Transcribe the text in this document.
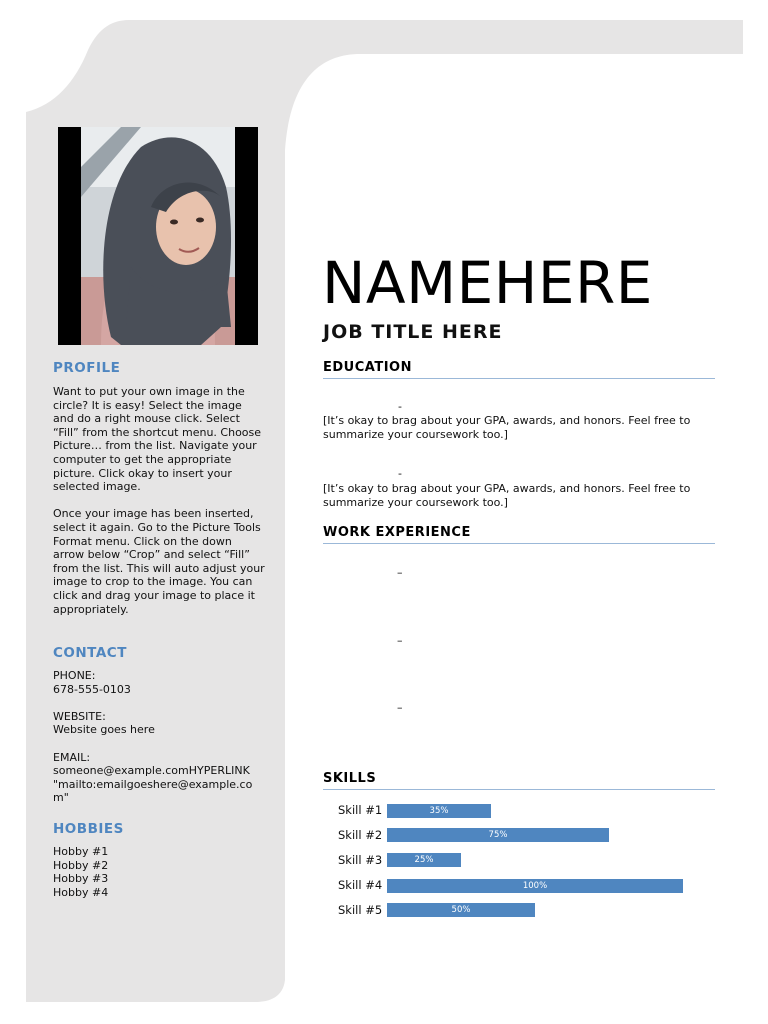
PROFILE

Want to put your own image in the circle? It is easy! Select the image and do a right mouse click. Select “Fill” from the shortcut menu. Choose Picture… from the list. Navigate your computer to get the appropriate picture. Click okay to insert your selected image.

Once your image has been inserted, select it again. Go to the Picture Tools Format menu. Click on the down arrow below “Crop” and select “Fill” from the list. This will auto adjust your image to crop to the image. You can click and drag your image to place it appropriately.

CONTACT

PHONE:

678-555-0103

WEBSITE:

Website goes here

EMAIL:

someone@example.comHYPERLINK "mailto:emailgoeshere@example.com"

HOBBIES

Hobby #1

Hobby #2

Hobby #3

Hobby #4

NAMEHERE
JOB TITLE HERE
EDUCATION
-

[It’s okay to brag about your GPA, awards, and honors. Feel free to summarize your coursework too.]

-

[It’s okay to brag about your GPA, awards, and honors. Feel free to summarize your coursework too.]

WORK EXPERIENCE
–
–
–
SKILLS
Skill #1	35%
Skill #2	75%
Skill #3	25%
Skill #4	100%
Skill #5	50%
